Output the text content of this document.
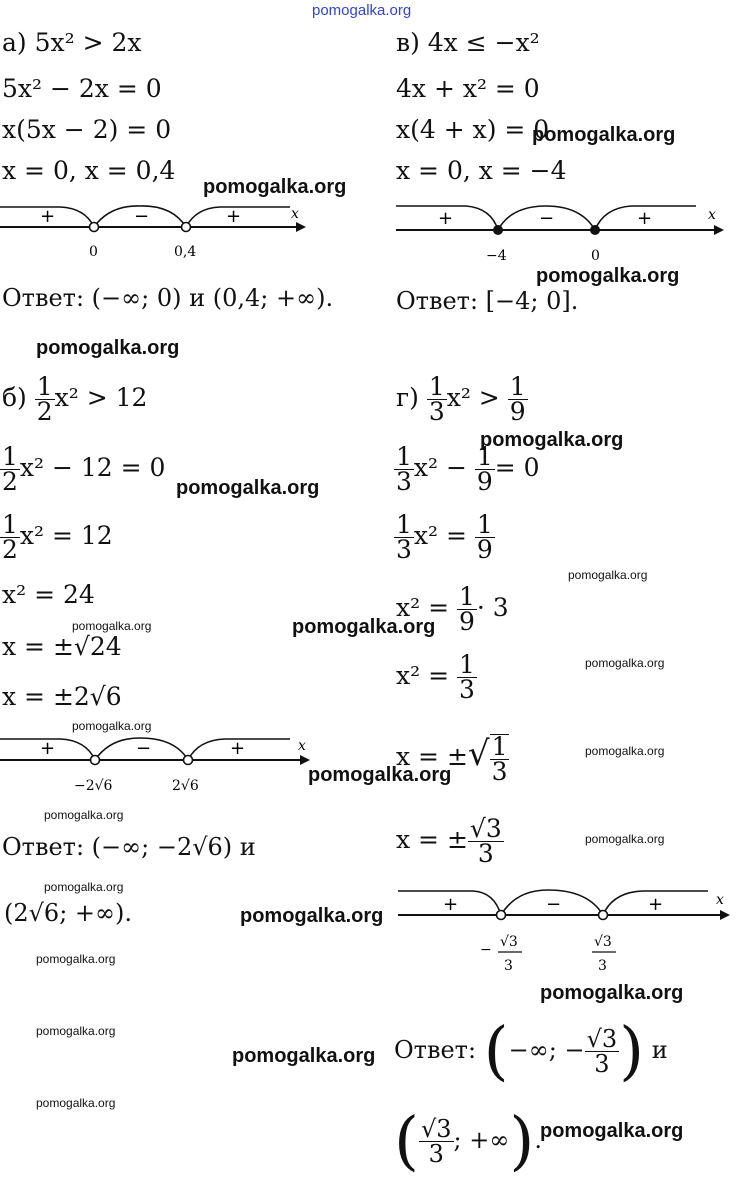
pomogalka.org
а) 5x² > 2x
5x² − 2x = 0
x(5x − 2) = 0
x = 0, x = 0,4
pomogalka.org
+	−	+	x
0	0,4
Ответ: (−∞; 0) и (0,4; +∞).
в) 4x ≤ −x²
4x + x² = 0
x(4 + x) = 0
pomogalka.org
x = 0, x = −4
+	−	+	x
−4	0
pomogalka.org
Ответ: [−4; 0].
pomogalka.org
$б) \frac{1}{2} x^2 > 12$
$\frac{1}{2} x^2 - 12 = 0$
pomogalka.org
$\frac{1}{2} x^2 = 12$
x² = 24
pomogalka.org	pomogalka.org
x = ±√24
x = ±2√6
pomogalka.org
+	−	+	x
−2√6	2√6	pomogalka.org
pomogalka.org
Ответ: (−∞; −2√6) и
pomogalka.org
(2√6; +∞).	pomogalka.org
pomogalka.org
pomogalka.org
pomogalka.org
pomogalka.org
$г) \frac{1}{3} x^2 > \frac{1}{9}$
pomogalka.org
$\frac{1}{3} x^2 - \frac{1}{9} = 0$
$\frac{1}{3} x^2 = \frac{1}{9}$
pomogalka.org
$x^2 = \frac{1}{9} \cdot 3$
$x^2 = \frac{1}{3}$	pomogalka.org
x = ±√ $\frac{1}{3}$	pomogalka.org
x = ± $\frac{√3}{3}$	pomogalka.org
+	−	+	x
− √3
3
√3
3
pomogalka.org
Ответ: (−∞; − $\frac{√3}{3}$ ) и
( $\frac{√3}{3}$ ; +∞).
pomogalka.org
